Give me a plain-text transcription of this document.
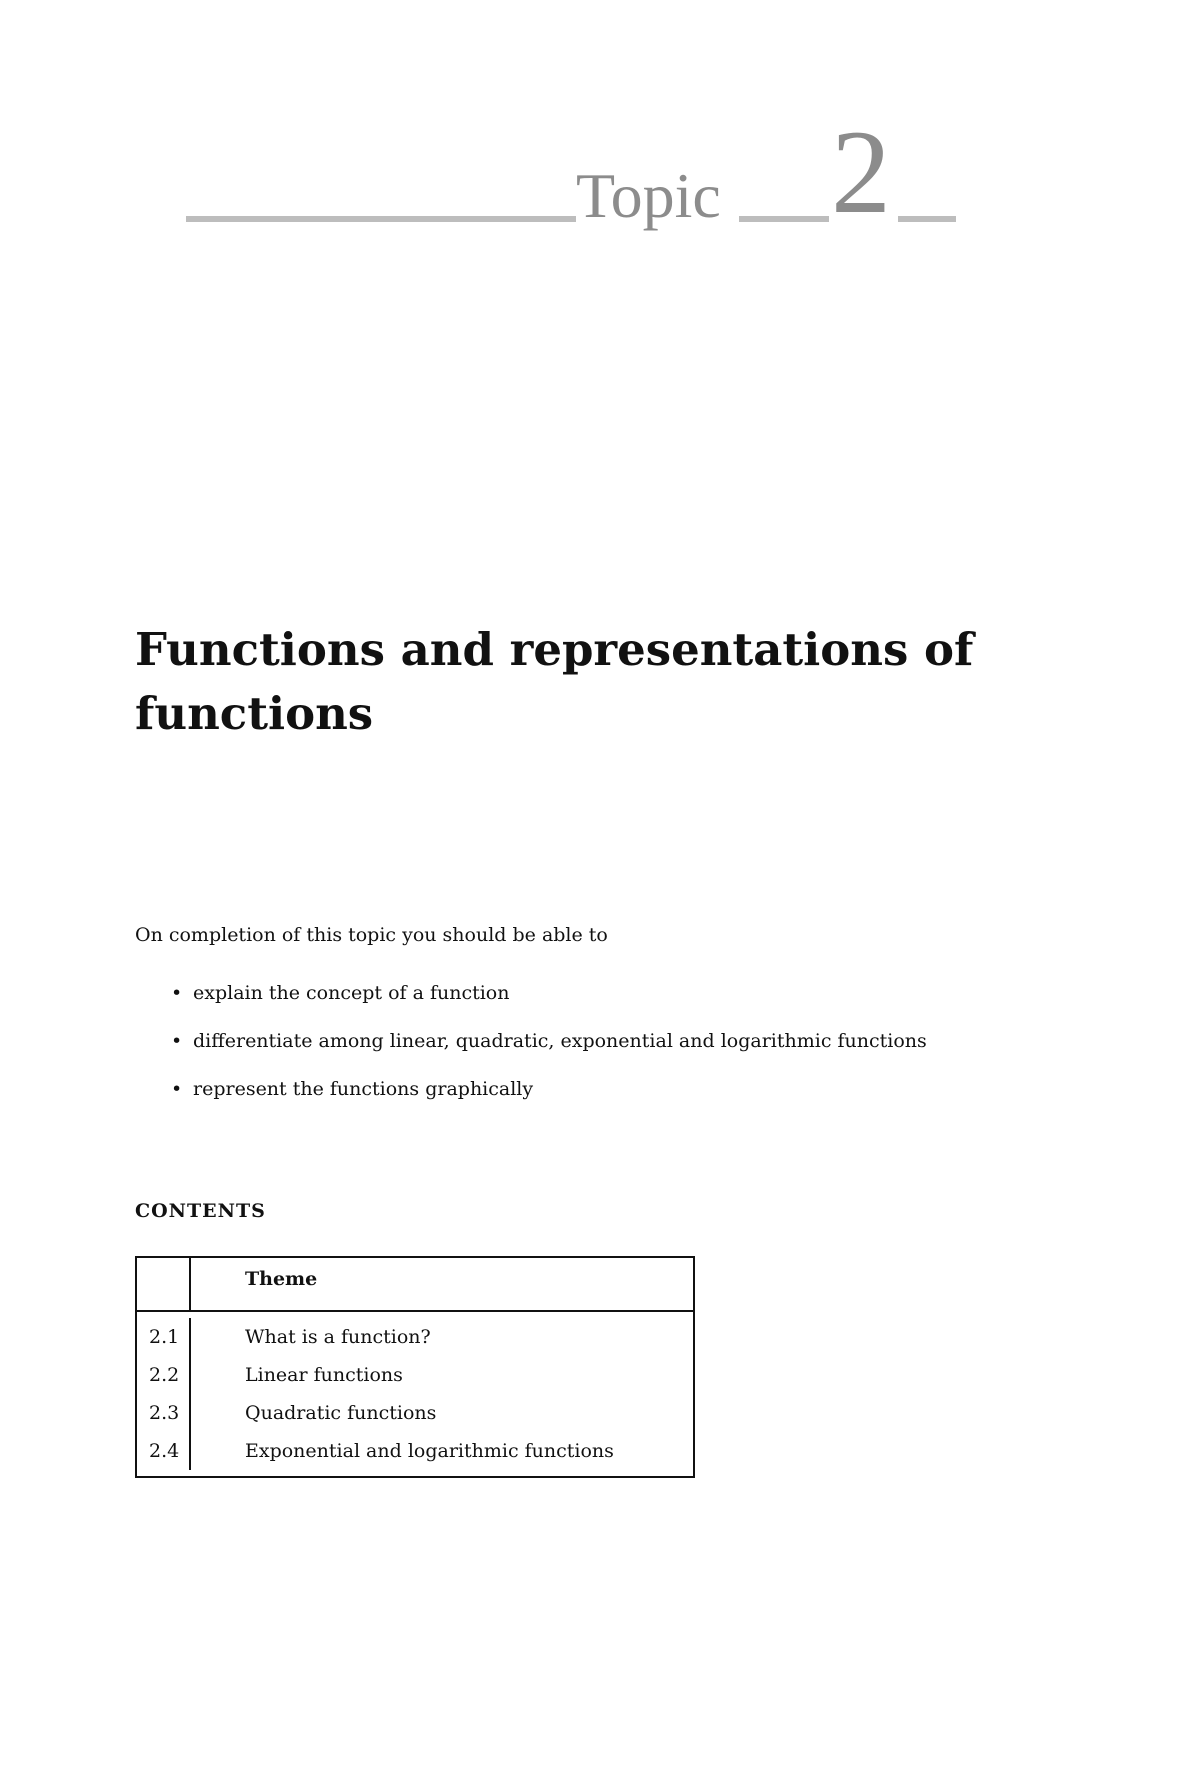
Topic 2
Functions and representations of functions

On completion of this topic you should be able to

• explain the concept of a function
• differentiate among linear, quadratic, exponential and logarithmic functions
• represent the functions graphically
CONTENTS
Theme
2.1	What is a function?
2.2	Linear functions
2.3	Quadratic functions
2.4	Exponential and logarithmic functions
